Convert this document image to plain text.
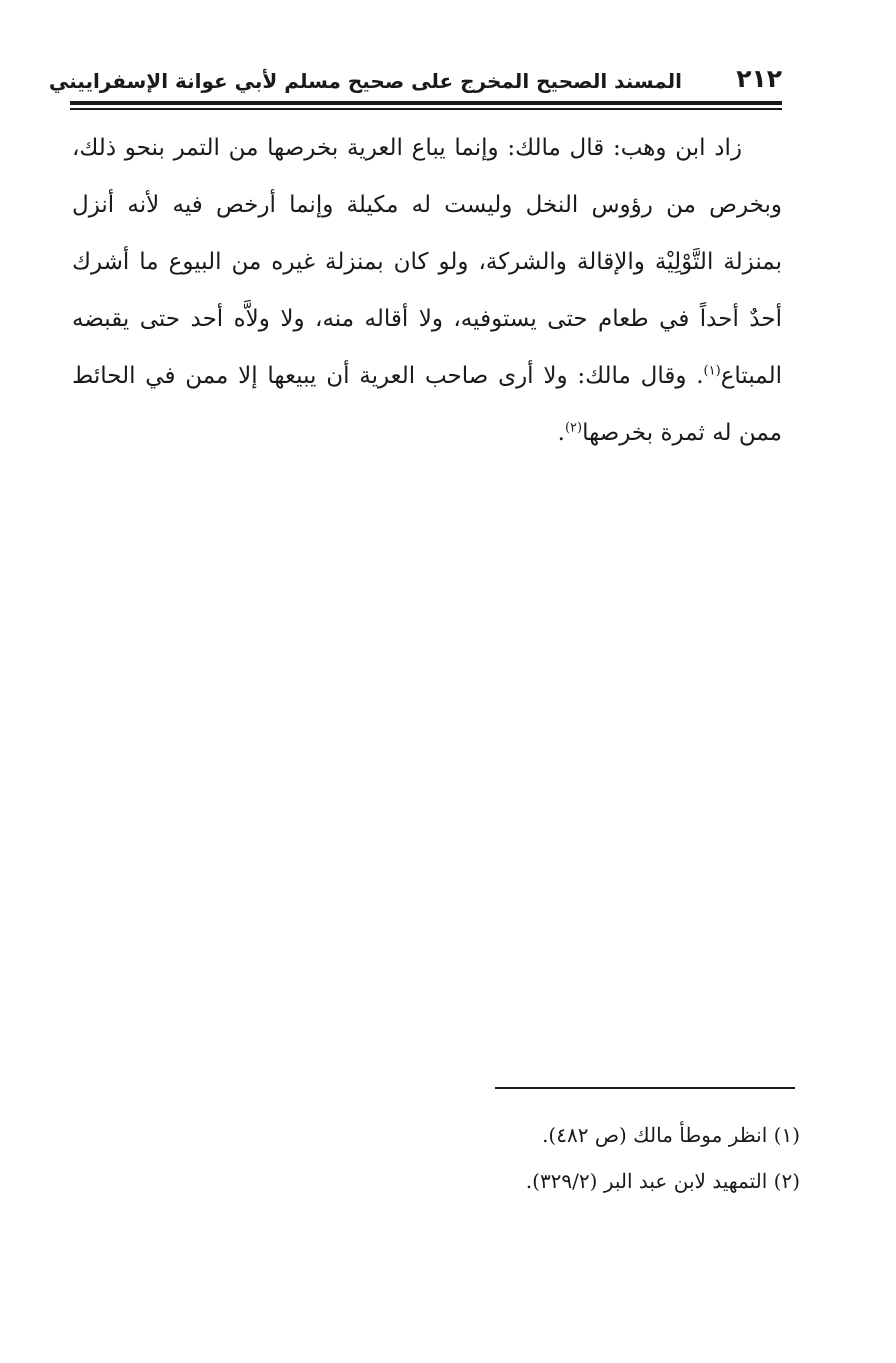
٢١٢
المسند الصحيح المخرج على صحيح مسلم لأبي عوانة الإسفراييني

زاد ابن وهب: قال مالك: وإنما يباع العرية بخرصها من التمر بنحو ذلك، وبخرص من رؤوس النخل وليست له مكيلة وإنما أرخص فيه لأنه أنزل بمنزلة التَّوْلِيْة والإقالة والشركة، ولو كان بمنزلة غيره من البيوع ما أشرك أحدٌ أحداً في طعام حتى يستوفيه، ولا أقاله منه، ولا ولاَّه أحد حتى يقبضه المبتاع$^{(١)}$. وقال مالك: ولا أرى صاحب العرية أن يبيعها إلا ممن في الحائط ممن له ثمرة بخرصها$^{(٢)}$.

(١) انظر موطأ مالك (ص ٤٨٢).
(٢) التمهيد لابن عبد البر (٣٢٩/٢).
